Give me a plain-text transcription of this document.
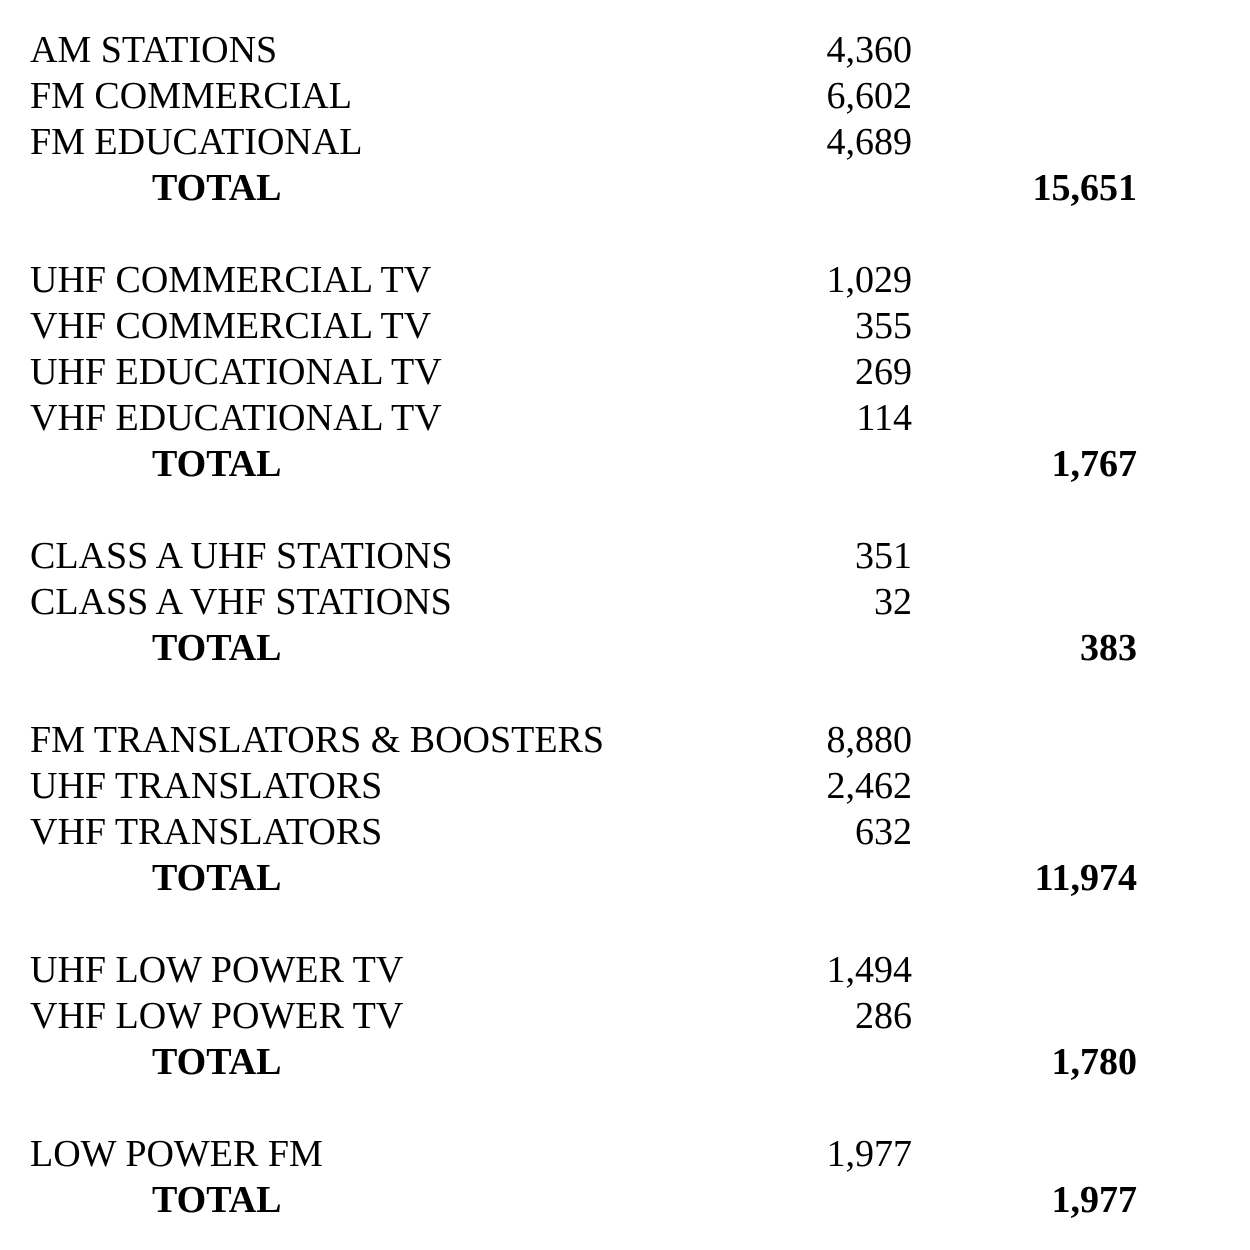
AM STATIONS	4,360
FM COMMERCIAL	6,602
FM EDUCATIONAL	4,689
TOTAL	15,651
UHF COMMERCIAL TV	1,029
VHF COMMERCIAL TV	355
UHF EDUCATIONAL TV	269
VHF EDUCATIONAL TV	114
TOTAL	1,767
CLASS A UHF STATIONS	351
CLASS A VHF STATIONS	32
TOTAL	383
FM TRANSLATORS & BOOSTERS	8,880
UHF TRANSLATORS	2,462
VHF TRANSLATORS	632
TOTAL	11,974
UHF LOW POWER TV	1,494
VHF LOW POWER TV	286
TOTAL	1,780
LOW POWER FM	1,977
TOTAL	1,977
